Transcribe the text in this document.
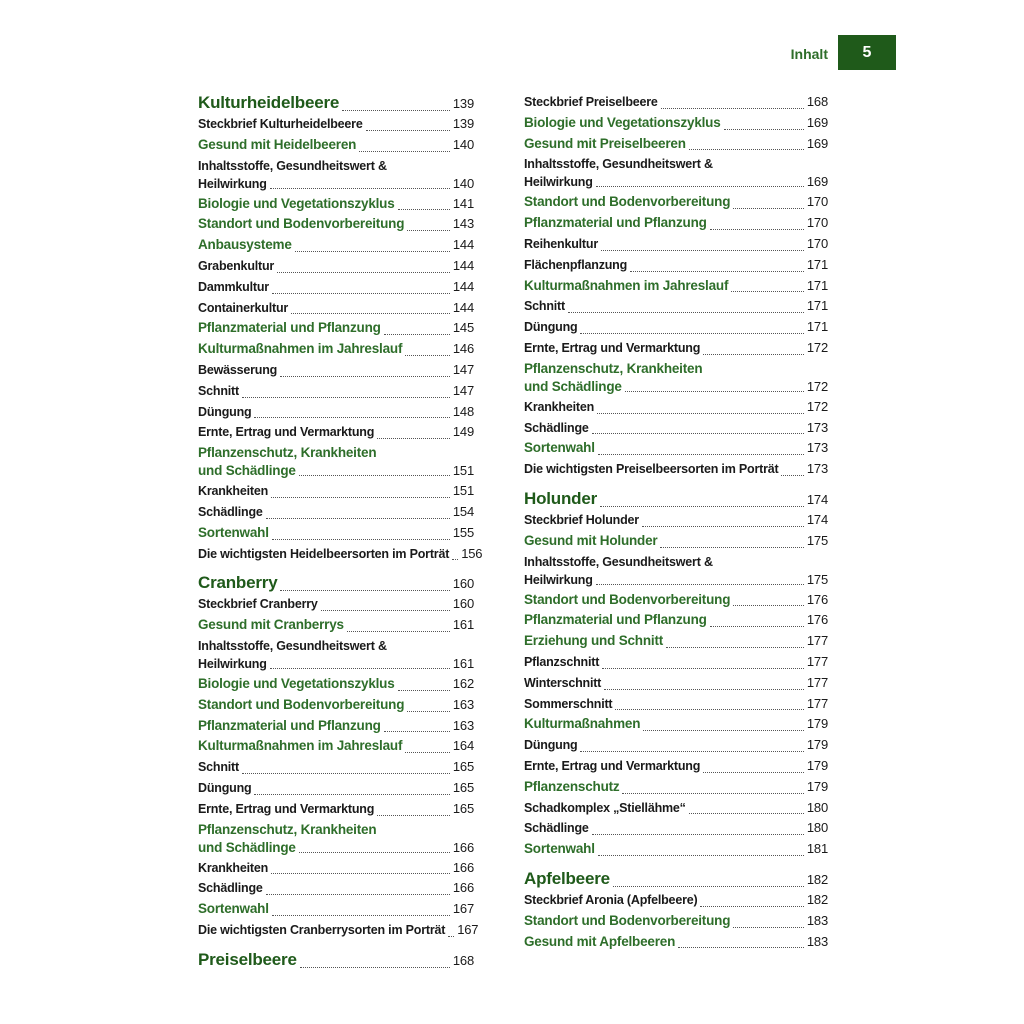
Inhalt 5
Kulturheidelbeere	139
Steckbrief Kulturheidelbeere	139
Gesund mit Heidelbeeren	140
Inhaltsstoffe, Gesundheitswert &
Heilwirkung	140
Biologie und Vegetationszyklus	141
Standort und Bodenvorbereitung	143
Anbausysteme	144
Grabenkultur	144
Dammkultur	144
Containerkultur	144
Pflanzmaterial und Pflanzung	145
Kulturmaßnahmen im Jahreslauf	146
Bewässerung	147
Schnitt	147
Düngung	148
Ernte, Ertrag und Vermarktung	149
Pflanzenschutz, Krankheiten
und Schädlinge	151
Krankheiten	151
Schädlinge	154
Sortenwahl	155
Die wichtigsten Heidelbeersorten im Porträt 156
Cranberry	160
Steckbrief Cranberry	160
Gesund mit Cranberrys	161
Inhaltsstoffe, Gesundheitswert &
Heilwirkung	161
Biologie und Vegetationszyklus	162
Standort und Bodenvorbereitung	163
Pflanzmaterial und Pflanzung	163
Kulturmaßnahmen im Jahreslauf	164
Schnitt	165
Düngung	165
Ernte, Ertrag und Vermarktung	165
Pflanzenschutz, Krankheiten
und Schädlinge	166
Krankheiten	166
Schädlinge	166
Sortenwahl	167
Die wichtigsten Cranberrysorten im Porträt 167
Preiselbeere	168
Steckbrief Preiselbeere	168
Biologie und Vegetationszyklus	169
Gesund mit Preiselbeeren	169
Inhaltsstoffe, Gesundheitswert &
Heilwirkung	169
Standort und Bodenvorbereitung	170
Pflanzmaterial und Pflanzung	170
Reihenkultur	170
Flächenpflanzung	171
Kulturmaßnahmen im Jahreslauf	171
Schnitt	171
Düngung	171
Ernte, Ertrag und Vermarktung	172
Pflanzenschutz, Krankheiten
und Schädlinge	172
Krankheiten	172
Schädlinge	173
Sortenwahl	173
Die wichtigsten Preiselbeersorten im Porträt 173
Holunder	174
Steckbrief Holunder	174
Gesund mit Holunder	175
Inhaltsstoffe, Gesundheitswert &
Heilwirkung	175
Standort und Bodenvorbereitung	176
Pflanzmaterial und Pflanzung	176
Erziehung und Schnitt	177
Pflanzschnitt	177
Winterschnitt	177
Sommerschnitt	177
Kulturmaßnahmen	179
Düngung	179
Ernte, Ertrag und Vermarktung	179
Pflanzenschutz	179
Schadkomplex „Stiellähme“	180
Schädlinge	180
Sortenwahl	181
Apfelbeere	182
Steckbrief Aronia (Apfelbeere)	182
Standort und Bodenvorbereitung	183
Gesund mit Apfelbeeren	183
